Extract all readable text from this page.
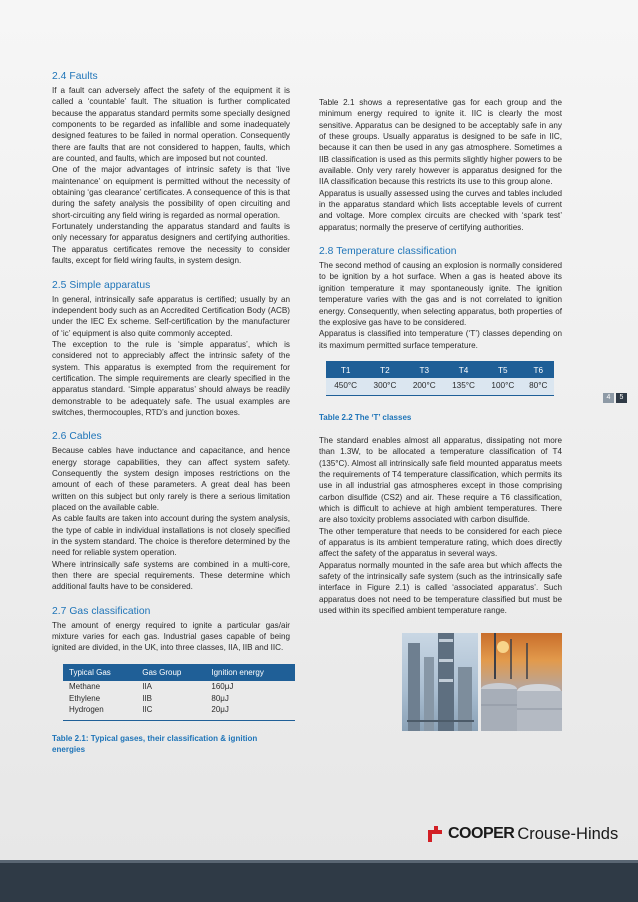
2.4 Faults

If a fault can adversely affect the safety of the equipment it is called a ‘countable’ fault. The situation is further complicated because the apparatus standard permits some specially designed components to be regarded as infallible and some inadequately designed features to be failed in normal operation. Consequently there are faults that are not considered to happen, faults, which are counted, and faults, which are imposed but not counted.

One of the major advantages of intrinsic safety is that ‘live maintenance’ on equipment is permitted without the necessity of obtaining ‘gas clearance’ certificates. A consequence of this is that during the safety analysis the possibility of open circuiting and short-circuiting any field wiring is regarded as normal operation.

Fortunately understanding the apparatus standard and faults is only necessary for apparatus designers and certifying authorities. The apparatus certificates remove the necessity to consider faults, except for field wiring faults, in system design.

2.5 Simple apparatus

In general, intrinsically safe apparatus is certified; usually by an independent body such as an Accredited Certification Body (ACB) under the IEC Ex scheme. Self-certification by the manufacturer of ‘ic’ equipment is also quite commonly accepted.

The exception to the rule is ‘simple apparatus’, which is considered not to appreciably affect the intrinsic safety of the system. This apparatus is exempted from the requirement for certification. The simple requirements are clearly specified in the apparatus standard. ‘Simple apparatus’ should always be readily demonstrable to be adequately safe. The usual examples are switches, thermocouples, RTD’s and junction boxes.

2.6 Cables

Because cables have inductance and capacitance, and hence energy storage capabilities, they can affect system safety. Consequently the system design imposes restrictions on the amount of each of these parameters. A great deal has been written on this subject but only rarely is there a serious limitation placed on the available cable.

As cable faults are taken into account during the system analysis, the type of cable in individual installations is not closely specified in the system standard. The choice is therefore determined by the need for reliable system operation.

Where intrinsically safe systems are combined in a multi-core, then there are special requirements. These determine which additional faults have to be considered.

2.7 Gas classification

The amount of energy required to ignite a particular gas/air mixture varies for each gas. Industrial gases capable of being ignited are divided, in the UK, into three classes, IIA, IIB and IIC.

Typical Gas	Gas Group	Ignition energy
Methane	IIA	160μJ
Ethylene	IIB	80μJ
Hydrogen	IIC	20μJ
Table 2.1: Typical gases, their classification & ignition energies

Table 2.1 shows a representative gas for each group and the minimum energy required to ignite it. IIC is clearly the most sensitive. Apparatus can be designed to be acceptably safe in any of these groups. Usually apparatus is designed to be safe in IIC, because it can then be used in any gas atmosphere. Sometimes a IIB classification is used as this permits slightly higher powers to be available. Only very rarely however is apparatus designed for the IIA classification because this restricts its use to this group alone.

Apparatus is usually assessed using the curves and tables included in the apparatus standard which lists acceptable levels of current and voltage. More complex circuits are checked with ‘spark test’ apparatus; normally the preserve of certifying authorities.

2.8 Temperature classification

The second method of causing an explosion is normally considered to be ignition by a hot surface. When a gas is heated above its ignition temperature it may spontaneously ignite. The ignition temperature varies with the gas and is not correlated to ignition energy. Consequently, when selecting apparatus, both properties of the explosive gas have to be considered.

Apparatus is classified into temperature (‘T’) classes depending on its maximum permitted surface temperature.

T1	T2	T3	T4	T5	T6
450°C	300°C	200°C	135°C	100°C	80°C
Table 2.2 The ‘T’ classes

The standard enables almost all apparatus, dissipating not more than 1.3W, to be allocated a temperature classification of T4 (135°C). Almost all intrinsically safe field mounted apparatus meets the requirements of T4 temperature classification, which permits its use in all industrial gas atmospheres except in those comprising carbon disulfide (CS2) and air. These require a T6 classification, which is difficult to achieve at high ambient temperatures. There are also toxicity problems associated with carbon disulfide.

The other temperature that needs to be considered for each piece of apparatus is its ambient temperature rating, which does directly affect the safety of the apparatus in several ways.

Apparatus normally mounted in the safe area but which affects the safety of the intrinsically safe system (such as the intrinsically safe interface in Figure 2.1) is called ‘associated apparatus’. Such apparatus does not need to be temperature classified but must be used within its specified ambient temperature range.

4	5
COOPER Crouse-Hinds
